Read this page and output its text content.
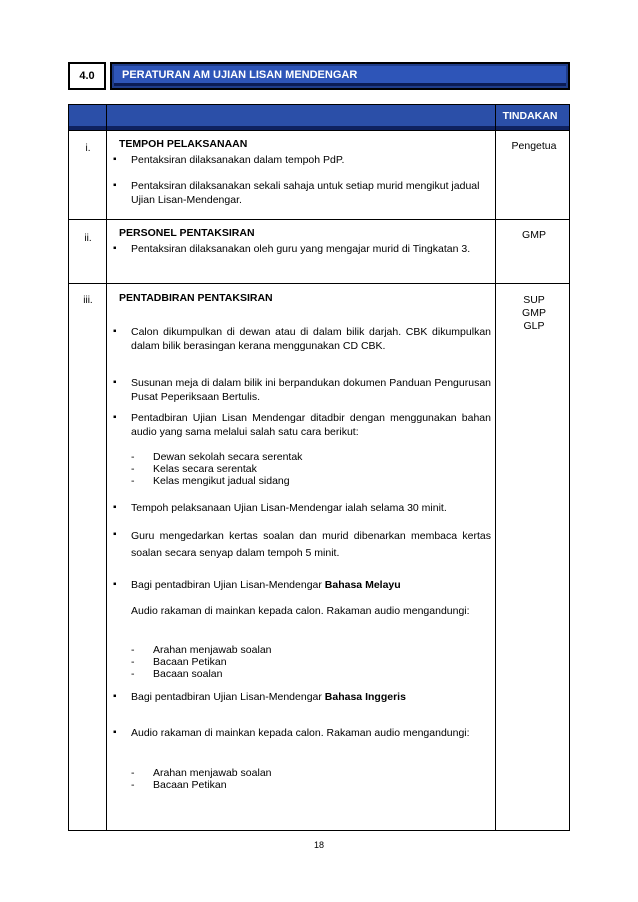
4.0 PERATURAN AM UJIAN LISAN MENDENGAR
TINDAKAN
i.	TEMPOH PELAKSANAAN	Pengetua
▪ Pentaksiran dilaksanakan dalam tempoh PdP.
▪ Pentaksiran dilaksanakan sekali sahaja untuk setiap murid mengikut jadual Ujian Lisan-Mendengar.
ii.	PERSONEL PENTAKSIRAN	GMP
▪ Pentaksiran dilaksanakan oleh guru yang mengajar murid di Tingkatan 3.
iii.	PENTADBIRAN PENTAKSIRAN	SUP
GMP
GLP
▪ Calon dikumpulkan di dewan atau di dalam bilik darjah. CBK dikumpulkan dalam bilik berasingan kerana menggunakan CD CBK.
▪ Susunan meja di dalam bilik ini berpandukan dokumen Panduan Pengurusan Pusat Peperiksaan Bertulis.
▪ Pentadbiran Ujian Lisan Mendengar ditadbir dengan menggunakan bahan audio yang sama melalui salah satu cara berikut:
- Dewan sekolah secara serentak
- Kelas secara serentak
- Kelas mengikut jadual sidang
▪ Tempoh pelaksanaan Ujian Lisan-Mendengar ialah selama 30 minit.
▪ Guru mengedarkan kertas soalan dan murid dibenarkan membaca kertas soalan secara senyap dalam tempoh 5 minit.
▪ Bagi pentadbiran Ujian Lisan-Mendengar Bahasa Melayu
Audio rakaman di mainkan kepada calon. Rakaman audio mengandungi:
- Arahan menjawab soalan
- Bacaan Petikan
- Bacaan soalan
▪ Bagi pentadbiran Ujian Lisan-Mendengar Bahasa Inggeris
▪ Audio rakaman di mainkan kepada calon. Rakaman audio mengandungi:
- Arahan menjawab soalan
- Bacaan Petikan
18
